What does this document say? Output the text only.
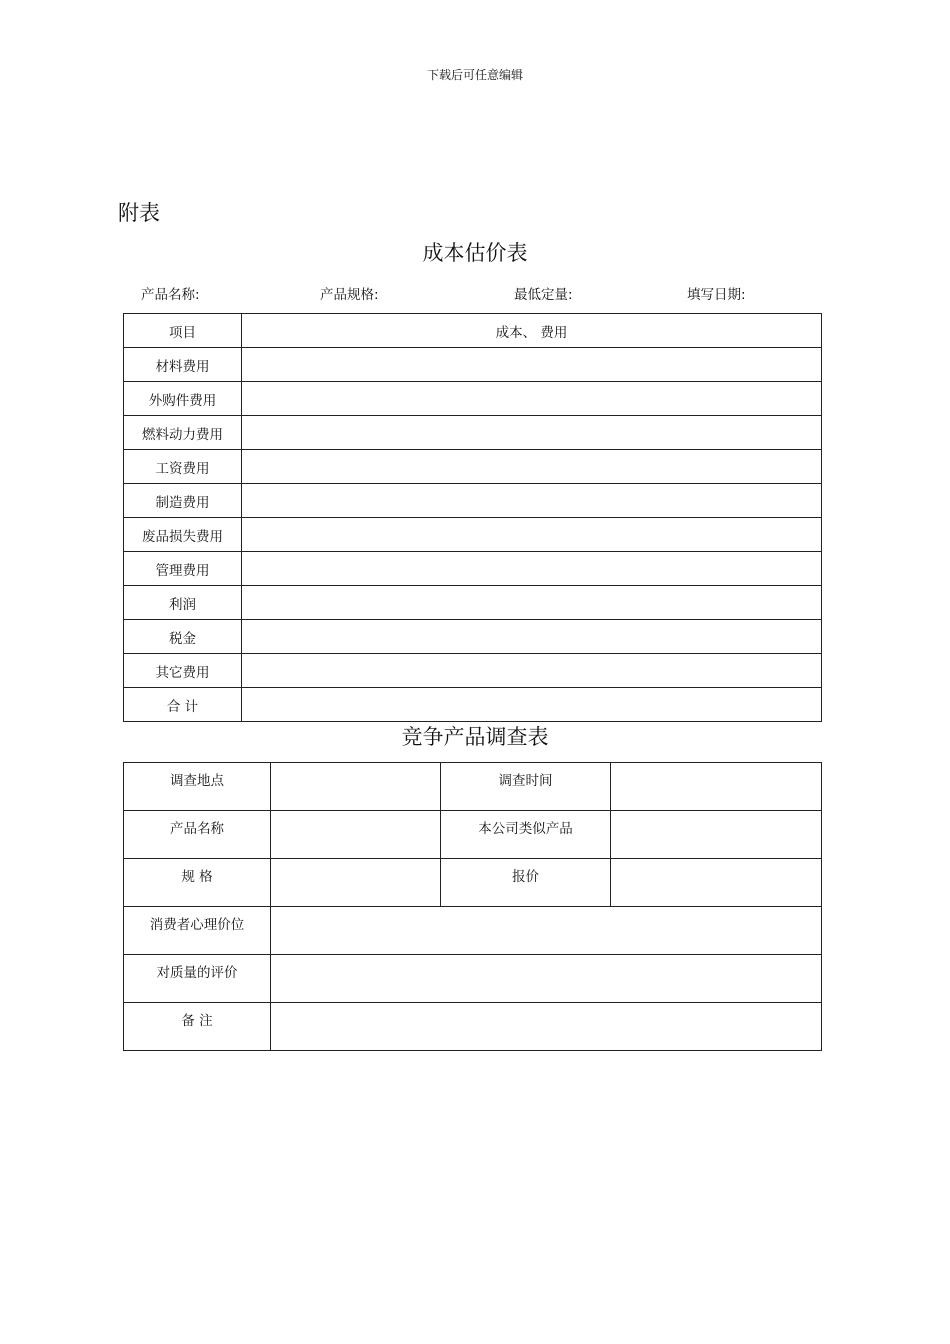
下载后可任意编辑
附表
成本估价表
产品名称:	产品规格:	最低定量:	填写日期:
项目	成本、 费用
材料费用	
外购件费用	
燃料动力费用	
工资费用	
制造费用	
废品损失费用	
管理费用	
利润	
税金	
其它费用	
合 计	
竞争产品调查表
调查地点		调查时间	
产品名称		本公司类似产品	
规 格		报价	
消费者心理价位			
对质量的评价			
备 注			
